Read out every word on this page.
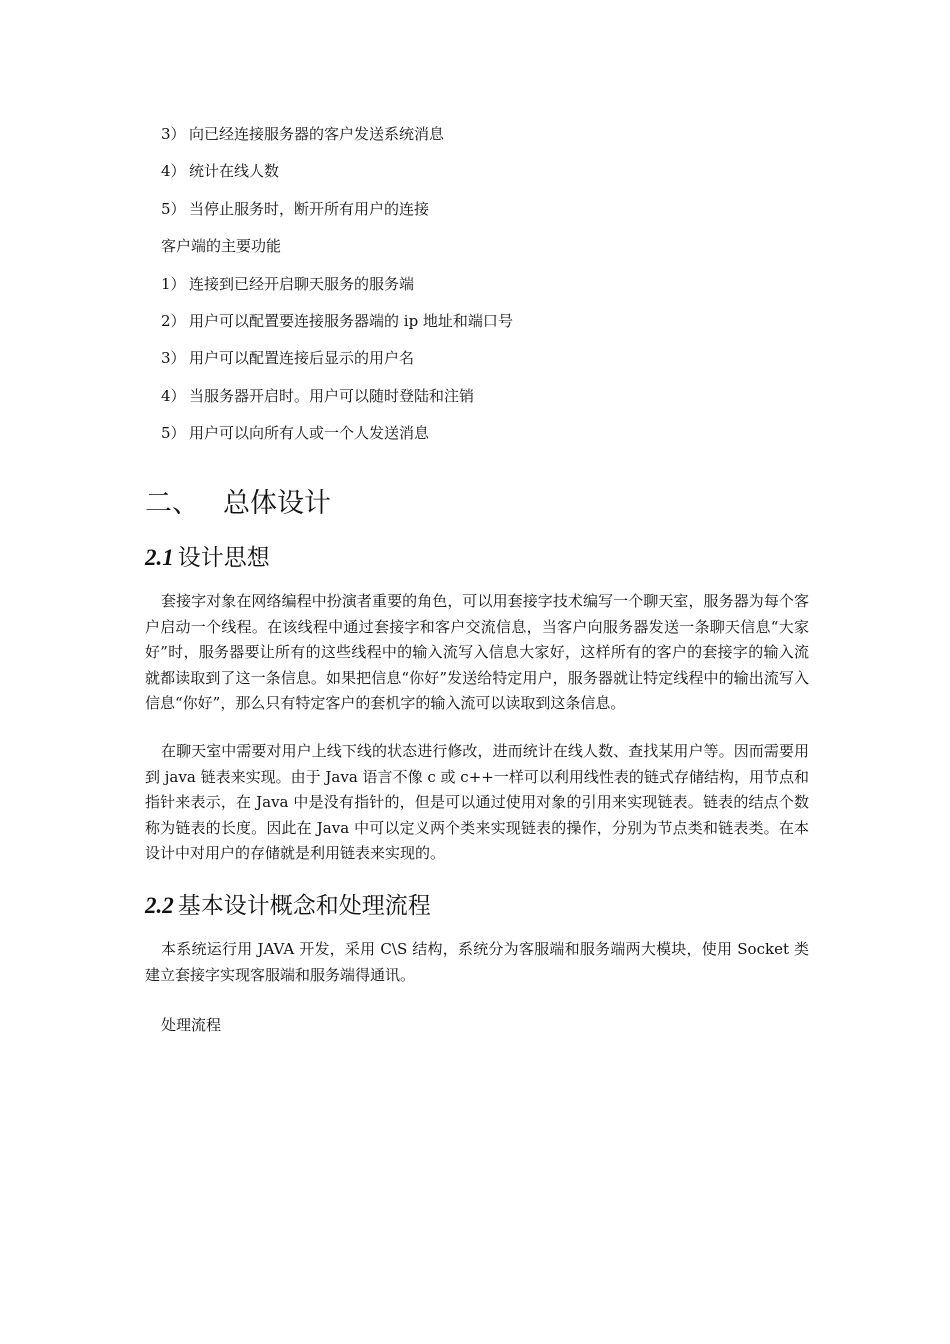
3） 向已经连接服务器的客户发送系统消息
4） 统计在线人数
5） 当停止服务时，断开所有用户的连接
客户端的主要功能
1） 连接到已经开启聊天服务的服务端
2） 用户可以配置要连接服务器端的 ip 地址和端口号
3） 用户可以配置连接后显示的用户名
4） 当服务器开启时。用户可以随时登陆和注销
5） 用户可以向所有人或一个人发送消息
二、 总体设计
2.1 设计思想

套接字对象在网络编程中扮演者重要的角色，可以用套接字技术编写一个聊天室，服务器为每个客户启动一个线程。在该线程中通过套接字和客户交流信息，当客户向服务器发送一条聊天信息“大家好”时，服务器要让所有的这些线程中的输入流写入信息大家好，这样所有的客户的套接字的输入流就都读取到了这一条信息。如果把信息“你好”发送给特定用户，服务器就让特定线程中的输出流写入信息“你好”，那么只有特定客户的套机字的输入流可以读取到这条信息。

在聊天室中需要对用户上线下线的状态进行修改，进而统计在线人数、查找某用户等。因而需要用到 java 链表来实现。由于 Java 语言不像 c 或 c++一样可以利用线性表的链式存储结构，用节点和指针来表示，在 Java 中是没有指针的，但是可以通过使用对象的引用来实现链表。链表的结点个数称为链表的长度。因此在 Java 中可以定义两个类来实现链表的操作，分别为节点类和链表类。在本设计中对用户的存储就是利用链表来实现的。

2.2 基本设计概念和处理流程

本系统运行用 JAVA 开发，采用 C\S 结构，系统分为客服端和服务端两大模块，使用 Socket 类建立套接字实现客服端和服务端得通讯。

处理流程
